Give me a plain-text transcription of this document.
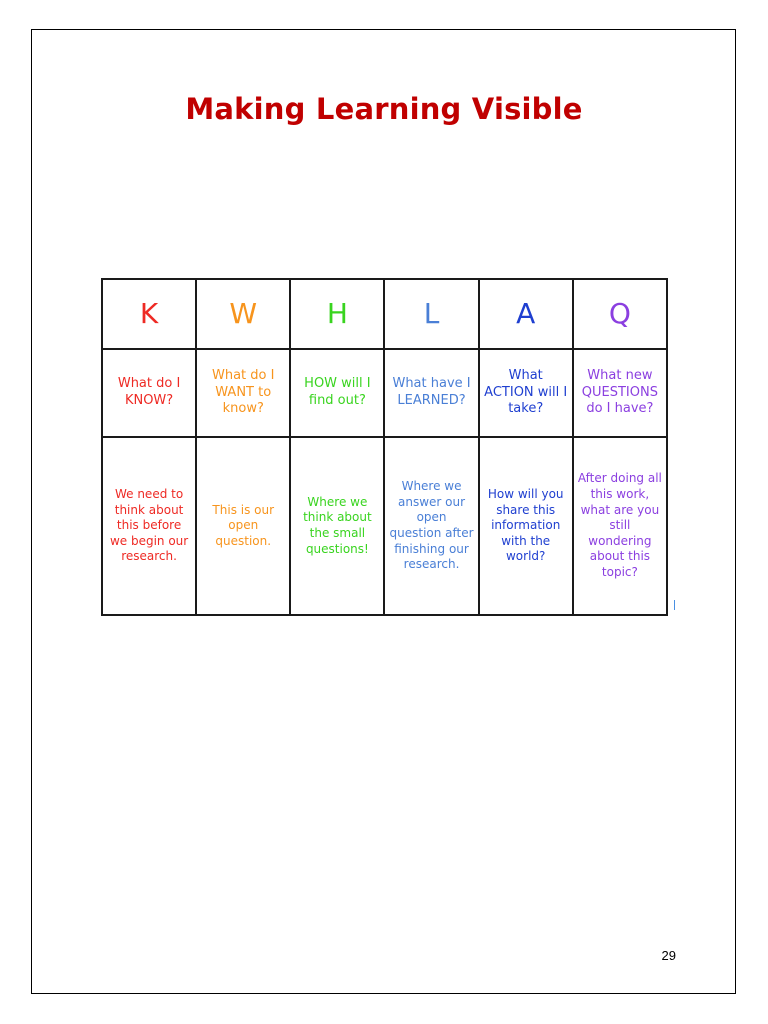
Making Learning Visible
K	W	H	L	A	Q
What do I KNOW?	What do I WANT to know?	HOW will I find out?	What have I LEARNED?	What ACTION will I take?	What new QUESTIONS do I have?
We need to think about this before we begin our research.	This is our open question.	Where we think about the small questions!	Where we answer our open question after finishing our research.	How will you share this information with the world?	After doing all this work, what are you still wondering about this topic?
29
